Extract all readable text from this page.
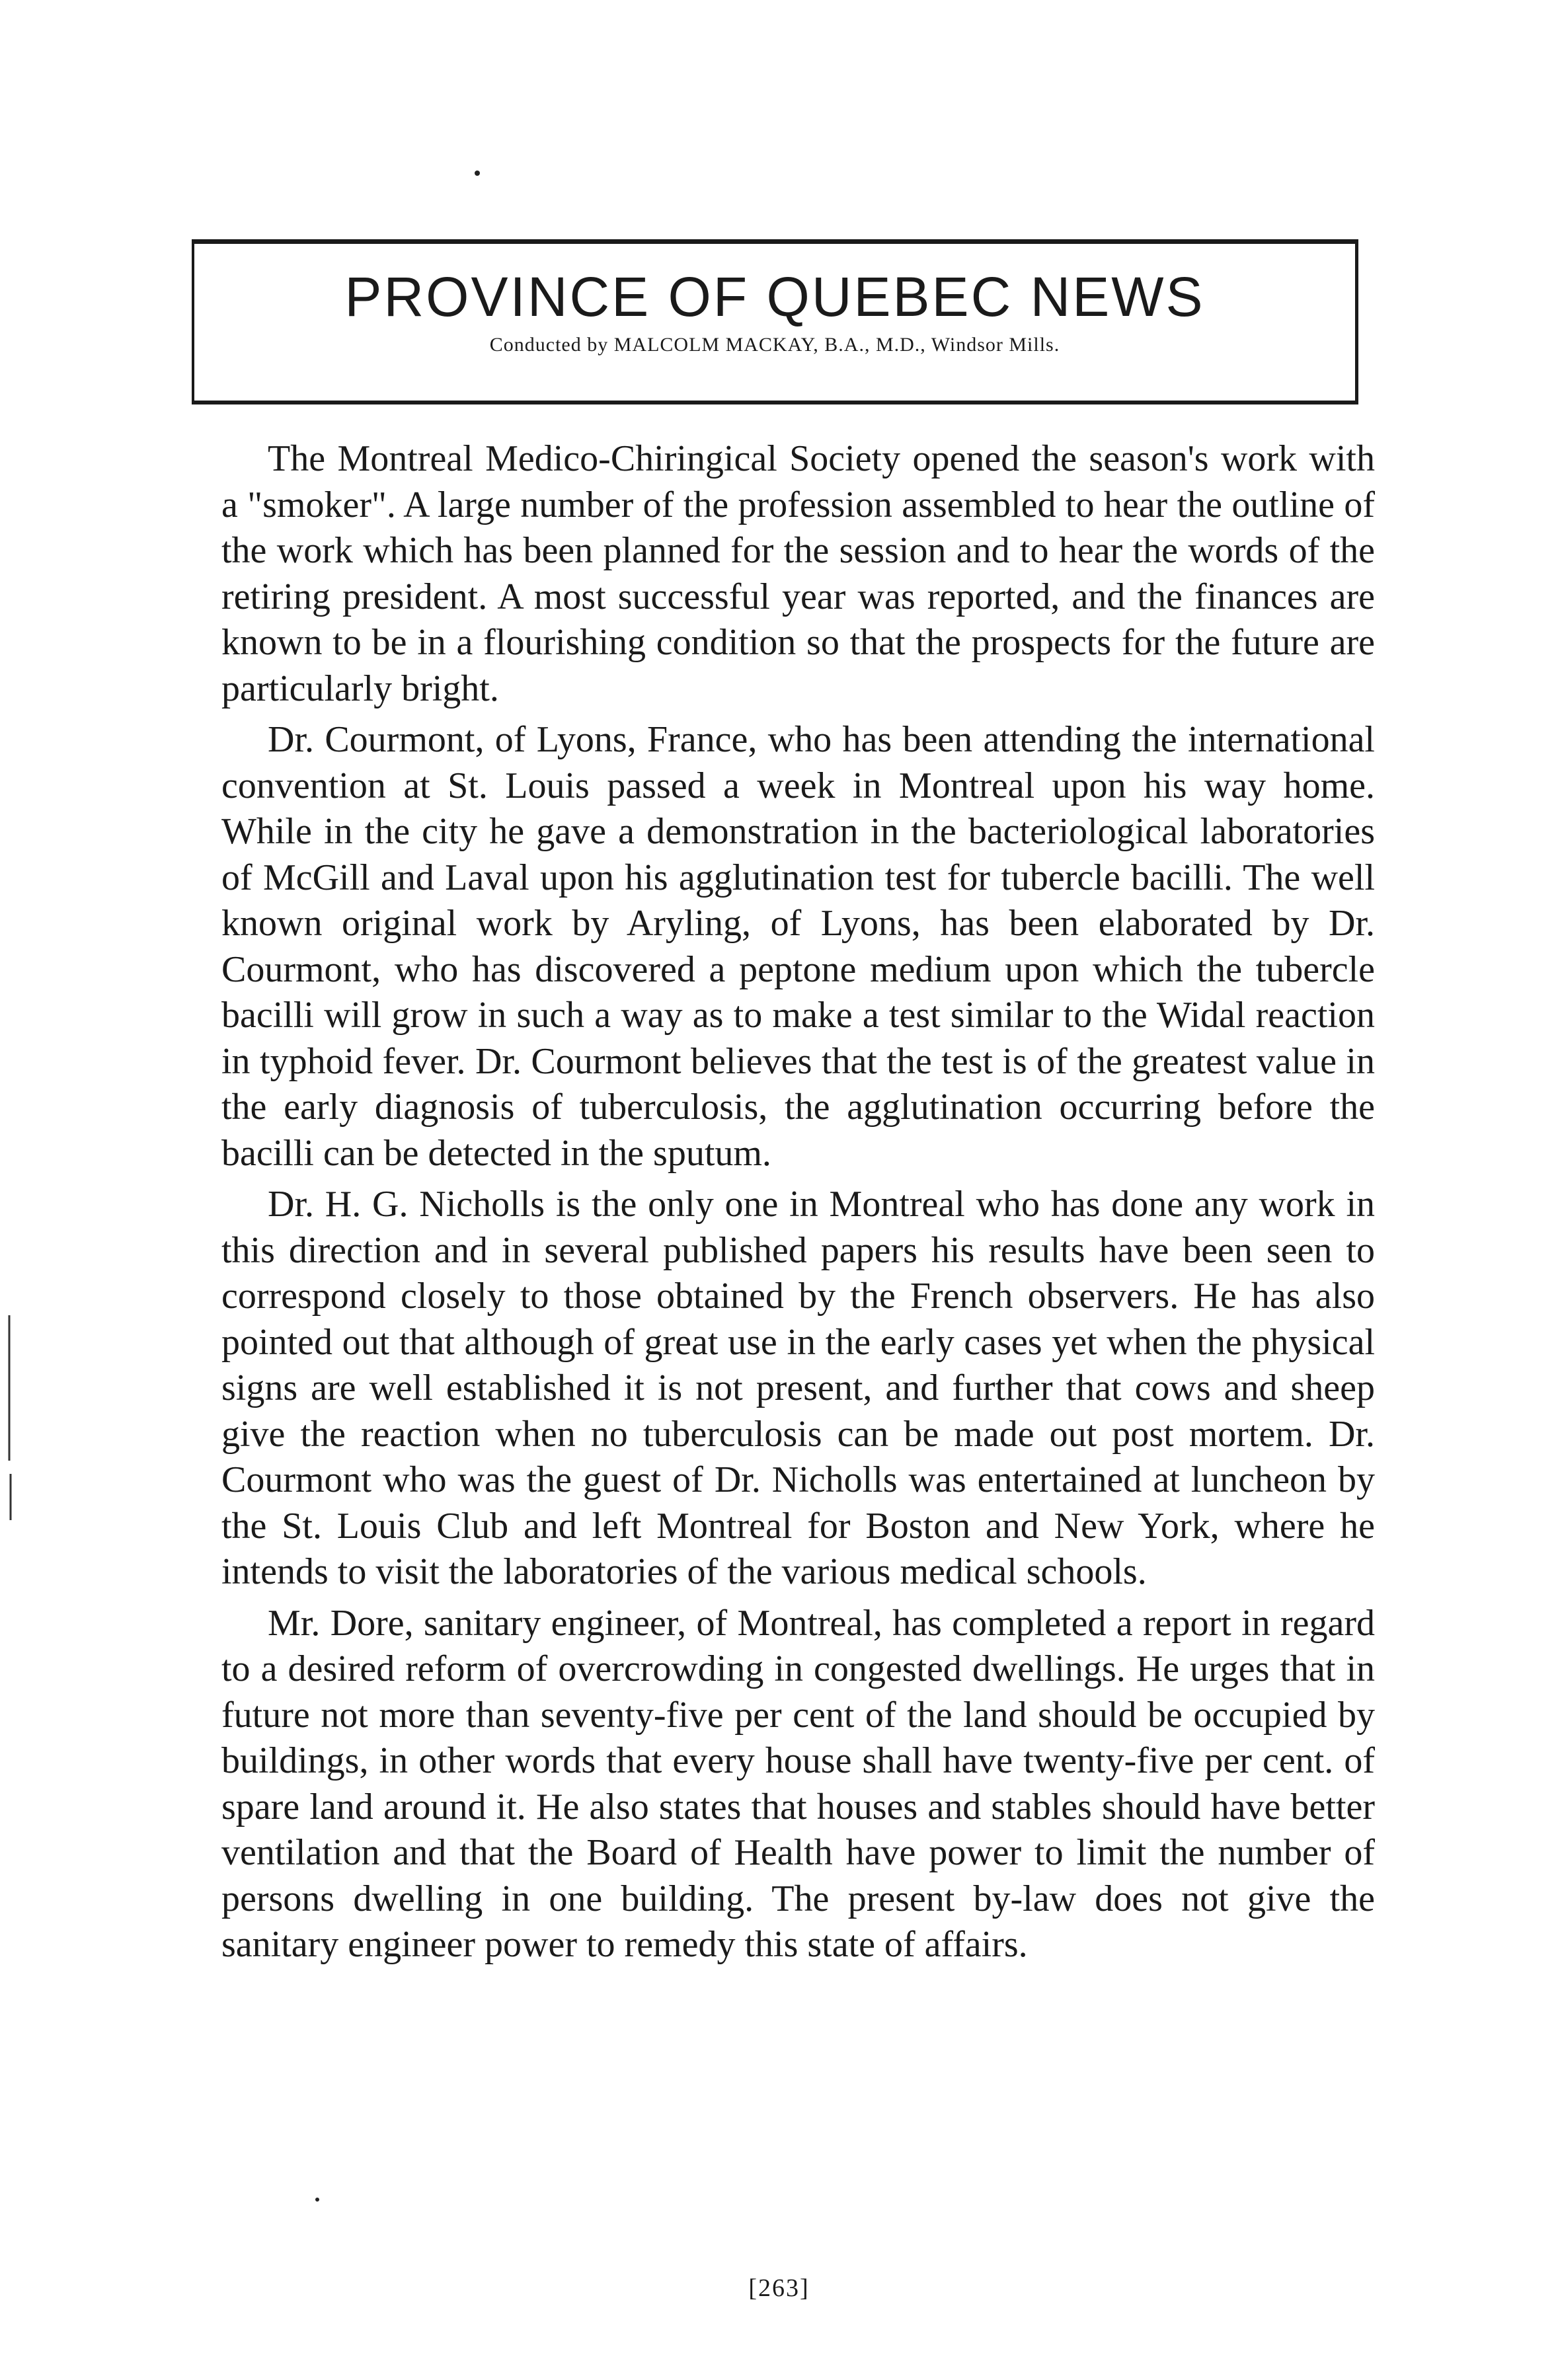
PROVINCE OF QUEBEC NEWS
Conducted by MALCOLM MACKAY, B.A., M.D., Windsor Mills.

The Montreal Medico-Chiringical Society opened the season's work with a "smoker". A large number of the profession assembled to hear the outline of the work which has been planned for the session and to hear the words of the retiring president. A most successful year was reported, and the finances are known to be in a flourishing condition so that the prospects for the future are particularly bright.

Dr. Courmont, of Lyons, France, who has been attending the international convention at St. Louis passed a week in Montreal upon his way home. While in the city he gave a demonstration in the bacteriological laboratories of McGill and Laval upon his agglutination test for tubercle bacilli. The well known original work by Aryling, of Lyons, has been elaborated by Dr. Courmont, who has discovered a peptone medium upon which the tubercle bacilli will grow in such a way as to make a test similar to the Widal reaction in typhoid fever. Dr. Courmont believes that the test is of the greatest value in the early diagnosis of tuberculosis, the agglutination occurring before the bacilli can be detected in the sputum.

Dr. H. G. Nicholls is the only one in Montreal who has done any work in this direction and in several published papers his results have been seen to correspond closely to those obtained by the French observers. He has also pointed out that although of great use in the early cases yet when the physical signs are well established it is not present, and further that cows and sheep give the reaction when no tuberculosis can be made out post mortem. Dr. Courmont who was the guest of Dr. Nicholls was entertained at luncheon by the St. Louis Club and left Montreal for Boston and New York, where he intends to visit the laboratories of the various medical schools.

Mr. Dore, sanitary engineer, of Montreal, has completed a report in regard to a desired reform of overcrowding in congested dwellings. He urges that in future not more than seventy-five per cent of the land should be occupied by buildings, in other words that every house shall have twenty-five per cent. of spare land around it. He also states that houses and stables should have better ventilation and that the Board of Health have power to limit the number of persons dwelling in one building. The present by-law does not give the sanitary engineer power to remedy this state of affairs.

[263]
